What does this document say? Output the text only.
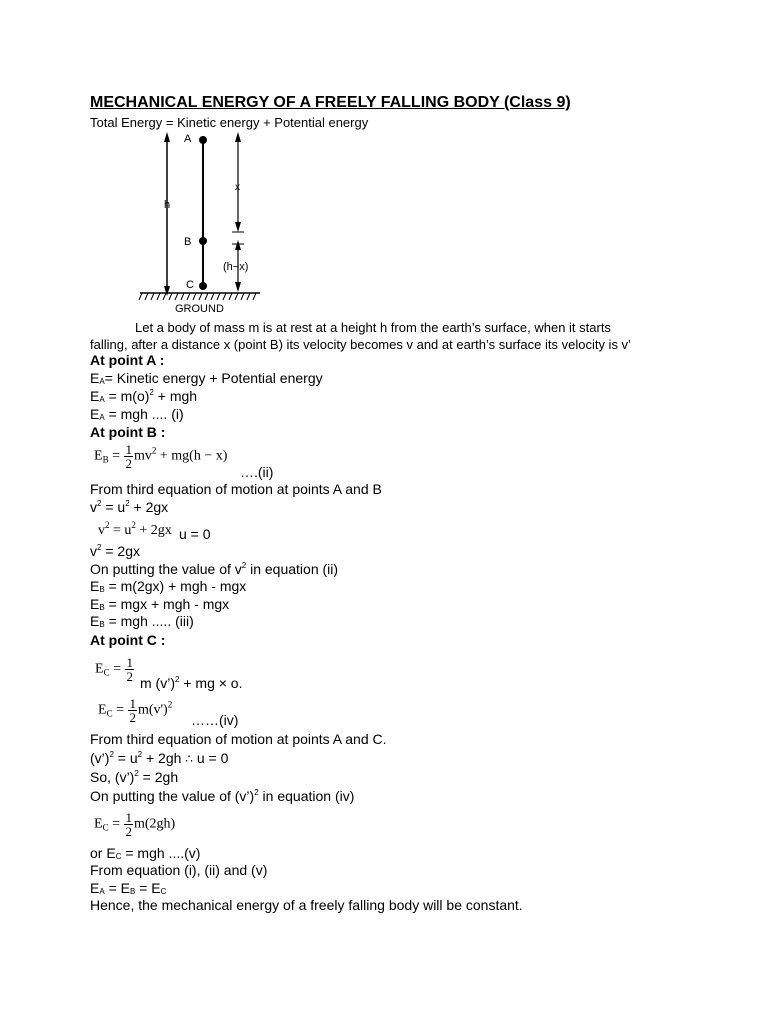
MECHANICAL ENERGY OF A FREELY FALLING BODY (Class 9)
Total Energy = Kinetic energy + Potential energy
h
A
B
C
x
(h−x)
GROUND
Let a body of mass m is at rest at a height h from the earth’s surface, when it starts
falling, after a distance x (point B) its velocity becomes v and at earth’s surface its velocity is v’
At point A :
$E_A=$ Kinetic energy + Potential energy
$E_A = m(o)^2$ + mgh
$E_A$ = mgh .... (i)
At point B :
$E_B = \frac{1}{2} mv^2 + mg(h - x)$
….(ii)
From third equation of motion at points A and B
$v^2 = u^2 + 2gx$
$v^2 = u^2 + 2gx$ u = 0
$v^2 = 2gx$
On putting the value of $v^2$ in equation (ii)
$E_B = m(2gx)$ + mgh - mgx
$E_B$ = mgx + mgh - mgx
$E_B$ = mgh ..... (iii)
At point C :
$E_C = \frac{1}{2}$ m (v’)$^2$ + mg × o.
$E_C = \frac{1}{2} m(v')^2$
……(iv)
From third equation of motion at points A and C.
(v’)$^2$ = $u^2 + 2gh$ ∴ u = 0
So, (v’)$^2$ = 2gh
On putting the value of (v’)$^2$ in equation (iv)
$E_C = \frac{1}{2} m(2gh)$
or $E_C$ = mgh ....(v)
From equation (i), (ii) and (v)
$E_A = E_B = E_C$
Hence, the mechanical energy of a freely falling body will be constant.
